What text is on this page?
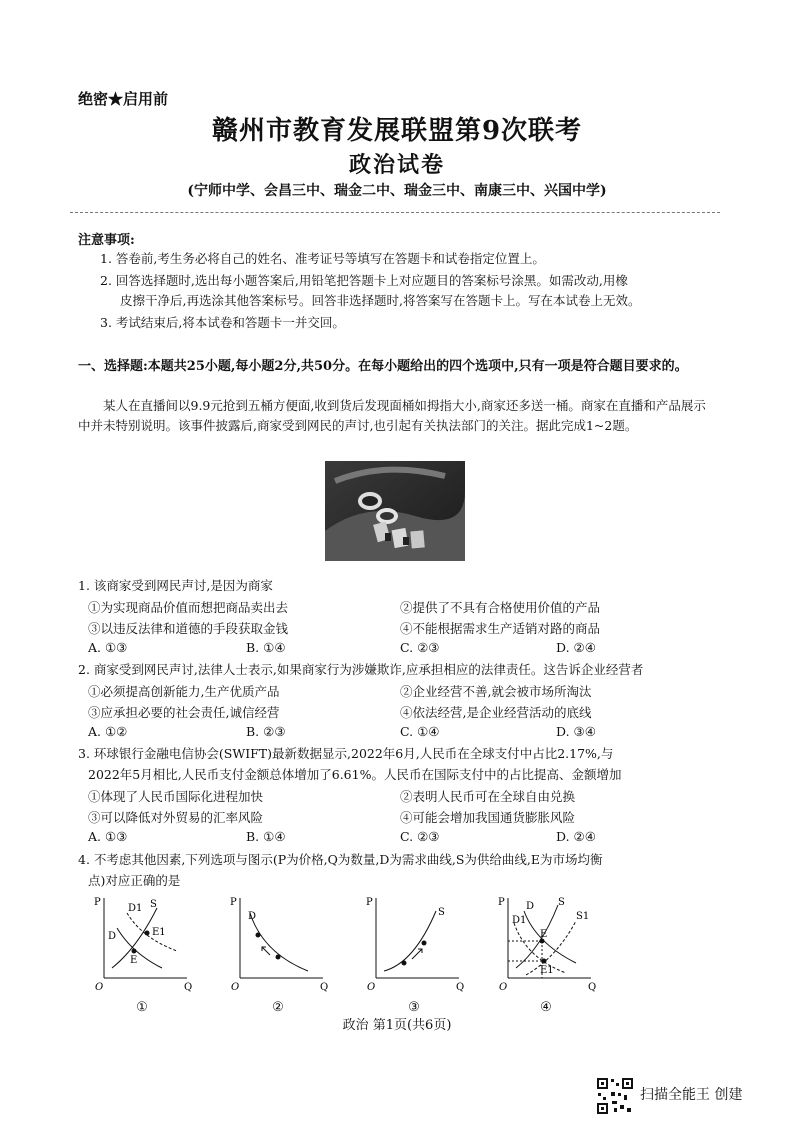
绝密★启用前
赣州市教育发展联盟第9次联考
政治试卷
(宁师中学、会昌三中、瑞金二中、瑞金三中、南康三中、兴国中学)
注意事项:
1. 答卷前,考生务必将自己的姓名、准考证号等填写在答题卡和试卷指定位置上。
2. 回答选择题时,选出每小题答案后,用铅笔把答题卡上对应题目的答案标号涂黑。如需改动,用橡
皮擦干净后,再选涂其他答案标号。回答非选择题时,将答案写在答题卡上。写在本试卷上无效。
3. 考试结束后,将本试卷和答题卡一并交回。
一、选择题:本题共25小题,每小题2分,共50分。在每小题给出的四个选项中,只有一项是符合题目要求的。
某人在直播间以9.9元抢到五桶方便面,收到货后发现面桶如拇指大小,商家还多送一桶。商家在直播和产品展示中并未特别说明。该事件披露后,商家受到网民的声讨,也引起有关执法部门的关注。据此完成1~2题。
1. 该商家受到网民声讨,是因为商家
①为实现商品价值而想把商品卖出去	②提供了不具有合格使用价值的产品
③以违反法律和道德的手段获取金钱	④不能根据需求生产适销对路的商品
A. ①③	B. ①④	C. ②③	D. ②④
2. 商家受到网民声讨,法律人士表示,如果商家行为涉嫌欺诈,应承担相应的法律责任。这告诉企业经营者
①必须提高创新能力,生产优质产品	②企业经营不善,就会被市场所淘汰
③应承担必要的社会责任,诚信经营	④依法经营,是企业经营活动的底线
A. ①②	B. ②③	C. ①④	D. ③④
3. 环球银行金融电信协会(SWIFT)最新数据显示,2022年6月,人民币在全球支付中占比2.17%,与
2022年5月相比,人民币支付金额总体增加了6.61%。人民币在国际支付中的占比提高、金额增加
①体现了人民币国际化进程加快	②表明人民币可在全球自由兑换
③可以降低对外贸易的汇率风险	④可能会增加我国通货膨胀风险
A. ①③	B. ①④	C. ②③	D. ②④
4. 不考虑其他因素,下列选项与图示(P为价格,Q为数量,D为需求曲线,S为供给曲线,E为市场均衡
点)对应正确的是
P
Q
O
D1 S
D	E1
E
①
P
Q
O
D
②
P
Q
O
S
③
P
Q
O
D1
D S
S1
E
E1
④
政治 第1页(共6页)
扫描全能王 创建
